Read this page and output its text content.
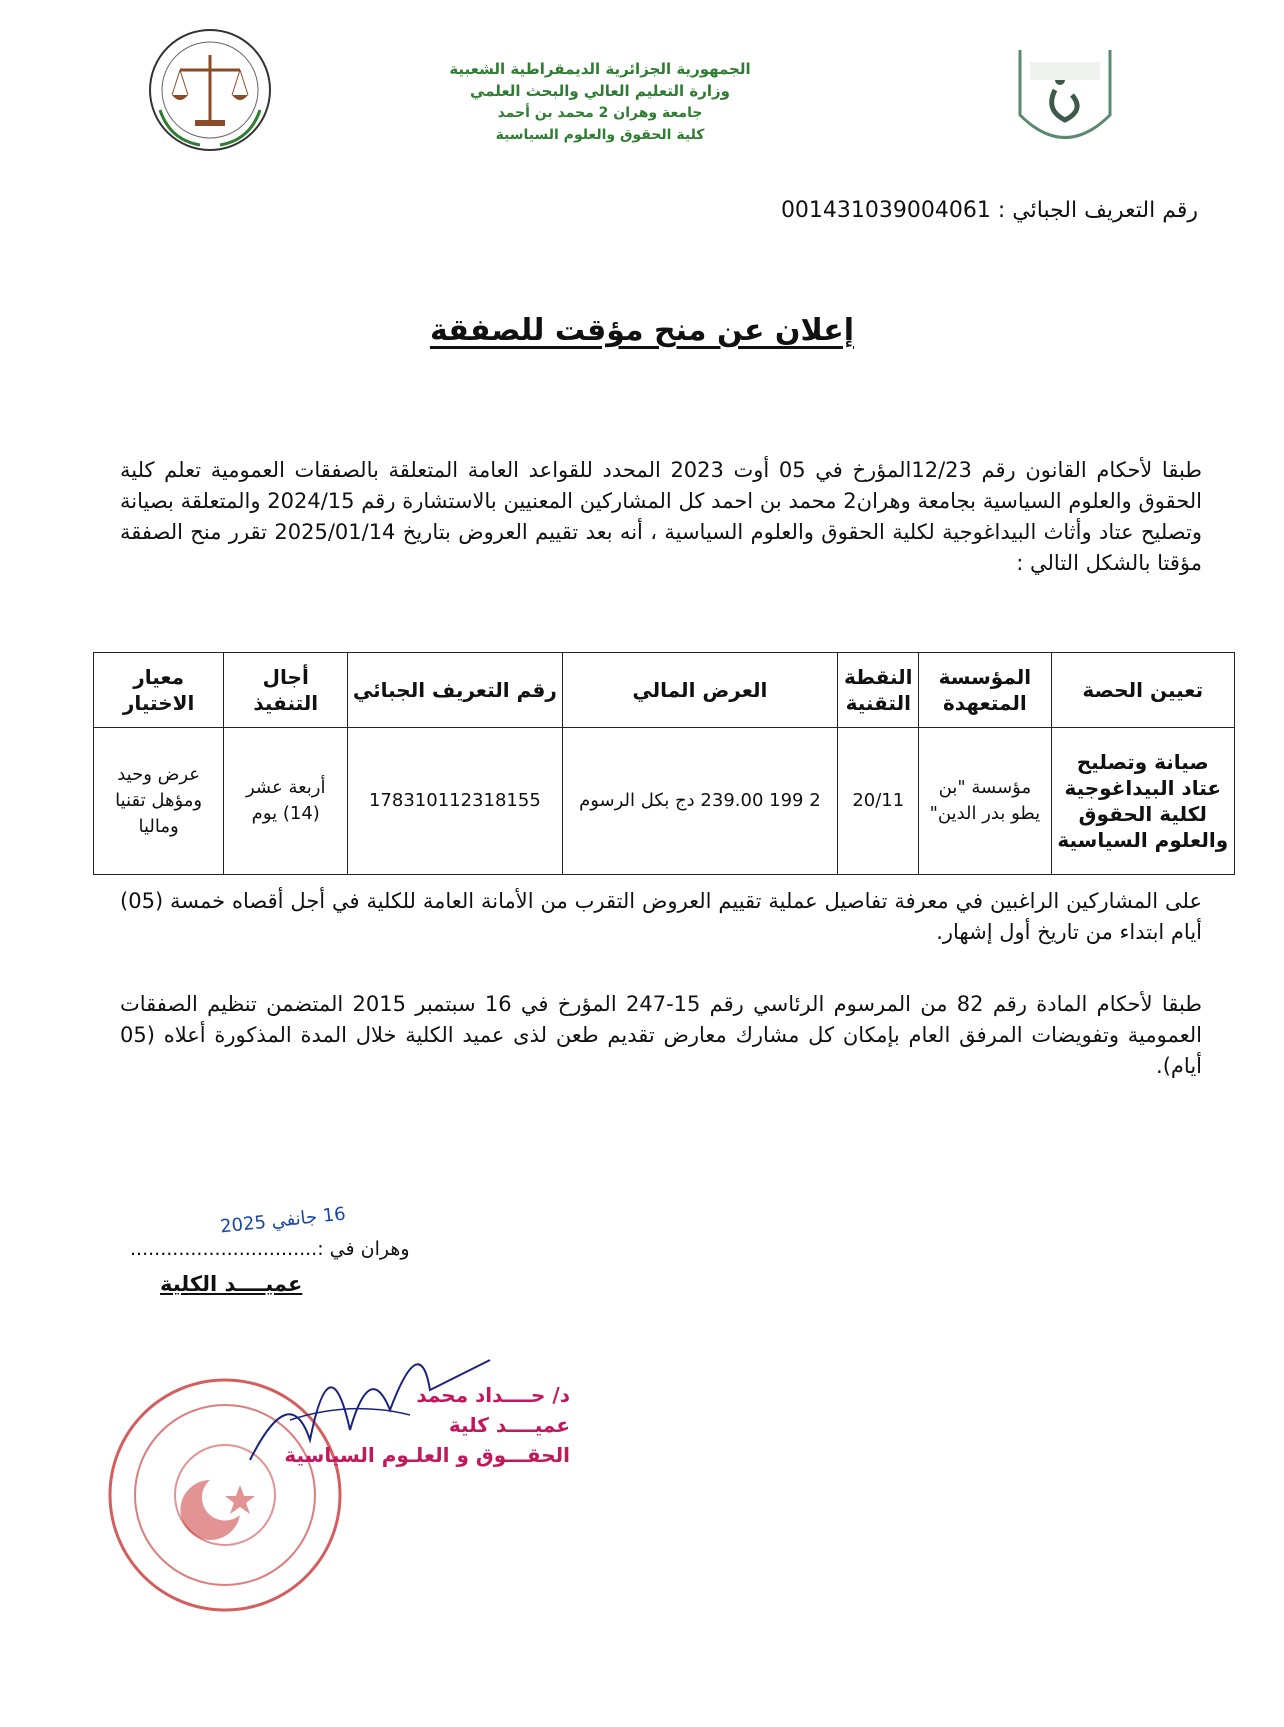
الجمهورية الجزائرية الديمقراطية الشعبية
وزارة التعليم العالي والبحث العلمي
جامعة وهران 2 محمد بن أحمد
كلية الحقوق والعلوم السياسية
رقم التعريف الجبائي : 001431039004061
إعلان عن منح مؤقت للصفقة
طبقا لأحكام القانون رقم 12/23المؤرخ في 05 أوت 2023 المحدد للقواعد العامة المتعلقة بالصفقات العمومية تعلم كلية الحقوق والعلوم السياسية بجامعة وهران2 محمد بن احمد كل المشاركين المعنيين بالاستشارة رقم 2024/15 والمتعلقة بصيانة وتصليح عتاد وأثاث البيداغوجية لكلية الحقوق والعلوم السياسية ، أنه بعد تقييم العروض بتاريخ 2025/01/14 تقرر منح الصفقة مؤقتا بالشكل التالي :
تعيين الحصة	المؤسسة المتعهدة	النقطة التقنية	العرض المالي	رقم التعريف الجبائي	أجال التنفيذ	معيار الاختيار
صيانة وتصليح عتاد البيداغوجية لكلية الحقوق والعلوم السياسية	مؤسسة "بن يطو بدر الدين"	20/11	2 199 239.00 دج بكل الرسوم	178310112318155	أربعة عشر (14) يوم	عرض وحيد ومؤهل تقنيا وماليا
على المشاركين الراغبين في معرفة تفاصيل عملية تقييم العروض التقرب من الأمانة العامة للكلية في أجل أقصاه خمسة (05) أيام ابتداء من تاريخ أول إشهار.
طبقا لأحكام المادة رقم 82 من المرسوم الرئاسي رقم 15-247 المؤرخ في 16 سبتمبر 2015 المتضمن تنظيم الصفقات العمومية وتفويضات المرفق العام بإمكان كل مشارك معارض تقديم طعن لذى عميد الكلية خلال المدة المذكورة أعلاه (05 أيام).
16 جانفي 2025
وهران في :...............................
عميــــد الكلية
د/ حــــداد محمد
عميــــد كلية
الحقـــوق و العلـوم السياسية
